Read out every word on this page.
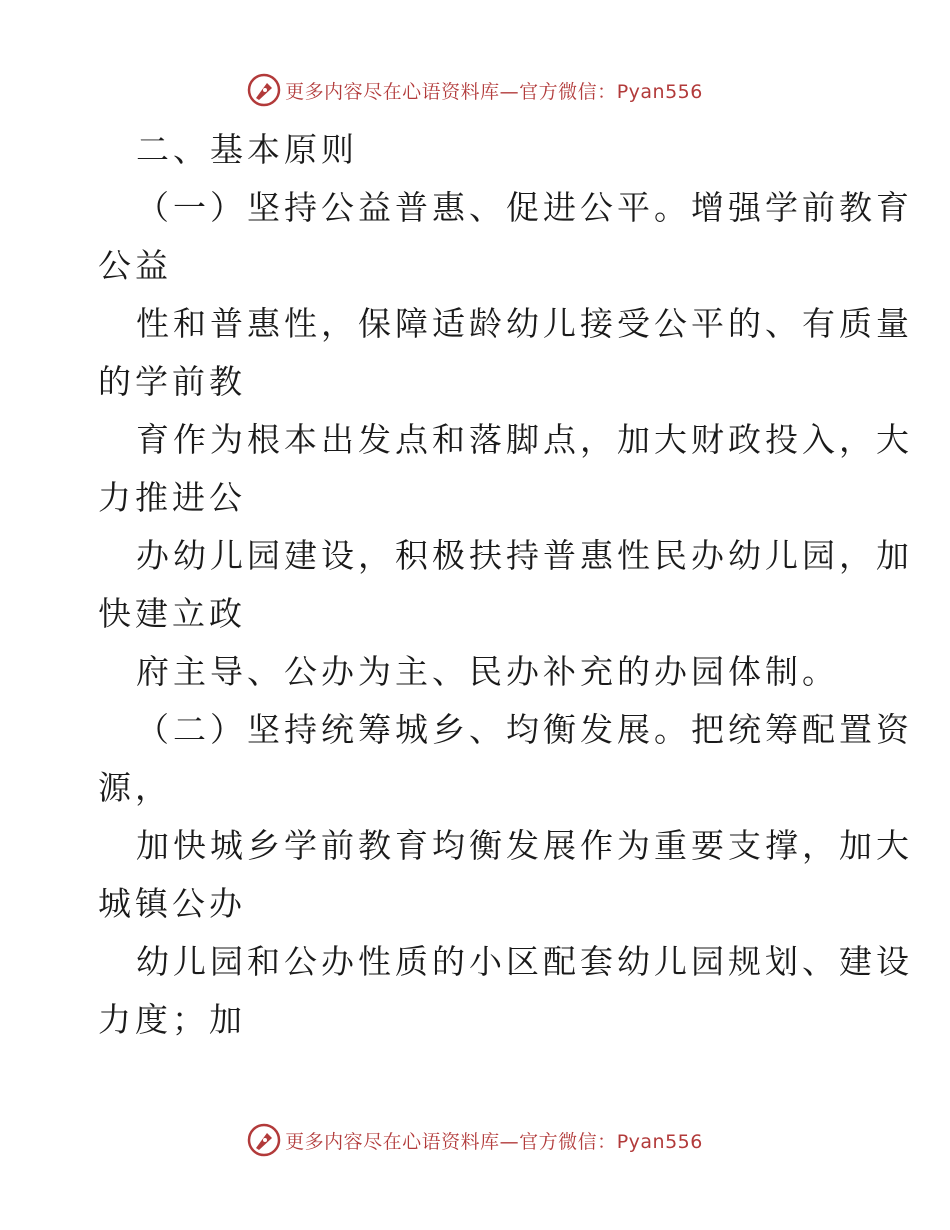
更多内容尽在心语资料库—官方微信：Pyan556
二、基本原则
（一）坚持公益普惠、促进公平。增强学前教育
公益
性和普惠性，保障适龄幼儿接受公平的、有质量
的学前教
育作为根本出发点和落脚点，加大财政投入，大
力推进公
办幼儿园建设，积极扶持普惠性民办幼儿园，加
快建立政
府主导、公办为主、民办补充的办园体制。
（二）坚持统筹城乡、均衡发展。把统筹配置资
源，
加快城乡学前教育均衡发展作为重要支撑，加大
城镇公办
幼儿园和公办性质的小区配套幼儿园规划、建设
力度；加
更多内容尽在心语资料库—官方微信：Pyan556
